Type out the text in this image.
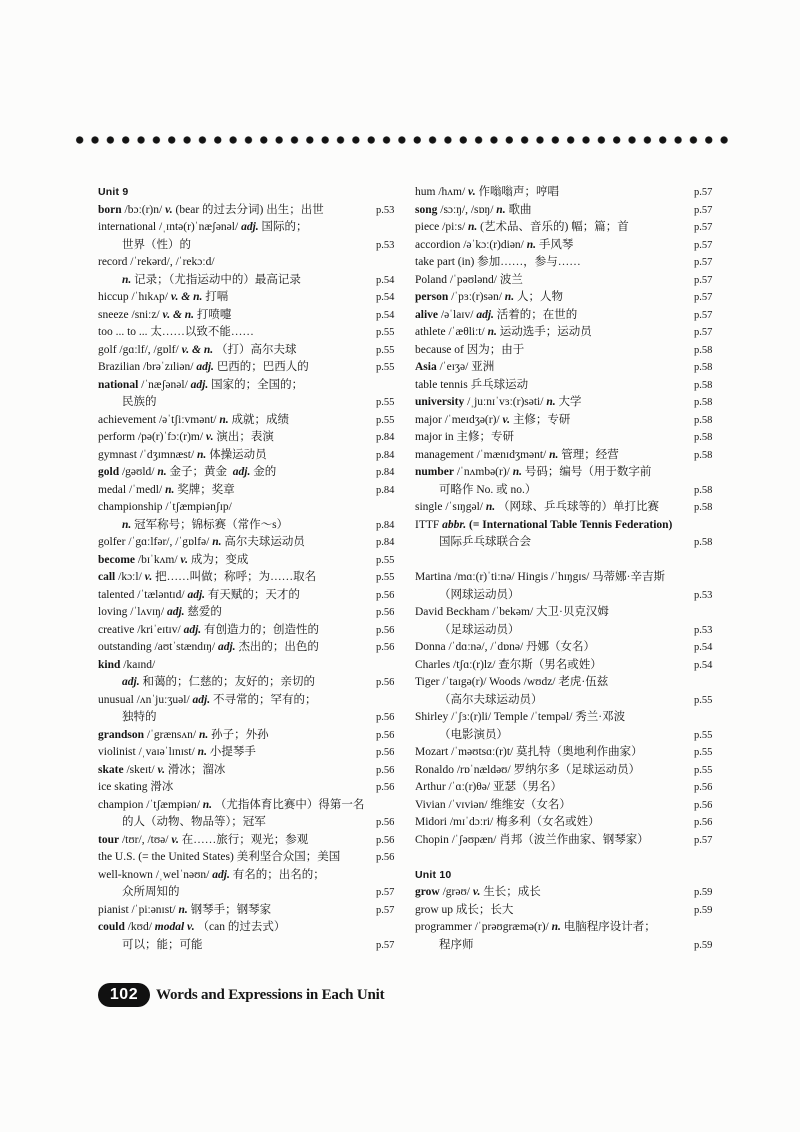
Unit 9
born /bɔː(r)n/ v. (bear 的过去分词) 出生；出世	p.53
international /ˌɪntə(r)ˈnæʃənəl/ adj. 国际的；
世界（性）的	p.53
record /ˈrekərd/, /ˈrekɔːd/
n. 记录；（尤指运动中的）最高记录	p.54
hiccup /ˈhɪkʌp/ v. & n. 打嗝	p.54
sneeze /sniːz/ v. & n. 打喷嚏	p.54
too ... to ... 太……以致不能……	p.55
golf /gɑːlf/, /gɒlf/ v. & n. （打）高尔夫球	p.55
Brazilian /brəˈzɪliən/ adj. 巴西的；巴西人的	p.55
national /ˈnæʃənəl/ adj. 国家的；全国的；
民族的	p.55
achievement /əˈtʃiːvmənt/ n. 成就；成绩	p.55
perform /pə(r)ˈfɔː(r)m/ v. 演出；表演	p.84
gymnast /ˈdʒɪmnæst/ n. 体操运动员	p.84
gold /gəʊld/ n. 金子；黄金  adj. 金的	p.84
medal /ˈmedl/ n. 奖牌；奖章	p.84
championship /ˈtʃæmpiənʃɪp/
n. 冠军称号；锦标赛（常作～s）	p.84
golfer /ˈgɑːlfər/, /ˈgɒlfə/ n. 高尔夫球运动员	p.84
become /bɪˈkʌm/ v. 成为；变成	p.55
call /kɔːl/ v. 把……叫做；称呼；为……取名	p.55
talented /ˈtæləntɪd/ adj. 有天赋的；天才的	p.56
loving /ˈlʌvɪŋ/ adj. 慈爱的	p.56
creative /kriˈeɪtɪv/ adj. 有创造力的；创造性的	p.56
outstanding /aʊtˈstændɪŋ/ adj. 杰出的；出色的	p.56
kind /kaɪnd/
adj. 和蔼的；仁慈的；友好的；亲切的	p.56
unusual /ʌnˈjuːʒuəl/ adj. 不寻常的；罕有的；
独特的	p.56
grandson /ˈgrænsʌn/ n. 孙子；外孙	p.56
violinist /ˌvaɪəˈlɪnɪst/ n. 小提琴手	p.56
skate /skeɪt/ v. 滑冰；溜冰	p.56
ice skating 滑冰	p.56
champion /ˈtʃæmpiən/ n. （尤指体育比赛中）得第一名
的人（动物、物品等）；冠军	p.56
tour /tʊr/, /tʊə/ v. 在……旅行；观光；参观	p.56
the U.S. (= the United States) 美利坚合众国；美国	p.56
well-known /ˌwelˈnəʊn/ adj. 有名的；出名的；
众所周知的	p.57
pianist /ˈpiːənɪst/ n. 钢琴手；钢琴家	p.57
could /kʊd/ modal v. （can 的过去式）
可以；能；可能	p.57
hum /hʌm/ v. 作嗡嗡声；哼唱	p.57
song /sɔːŋ/, /sɒŋ/ n. 歌曲	p.57
piece /piːs/ n. (艺术品、音乐的) 幅；篇；首	p.57
accordion /əˈkɔː(r)diən/ n. 手风琴	p.57
take part (in) 参加……，参与……	p.57
Poland /ˈpəʊlənd/ 波兰	p.57
person /ˈpɜː(r)sən/ n. 人；人物	p.57
alive /əˈlaɪv/ adj. 活着的；在世的	p.57
athlete /ˈæθliːt/ n. 运动选手；运动员	p.57
because of 因为；由于	p.58
Asia /ˈeɪʒə/ 亚洲	p.58
table tennis 乒乓球运动	p.58
university /ˌjuːnɪˈvɜː(r)səti/ n. 大学	p.58
major /ˈmeɪdʒə(r)/ v. 主修；专研	p.58
major in 主修；专研	p.58
management /ˈmænɪdʒmənt/ n. 管理；经营	p.58
number /ˈnʌmbə(r)/ n. 号码；编号（用于数字前
可略作 No. 或 no.）	p.58
single /ˈsɪŋgəl/ n. （网球、乒乓球等的）单打比赛	p.58
ITTF abbr. (= International Table Tennis Federation)
国际乒乓球联合会	p.58
Martina /mɑː(r)ˈtiːnə/ Hingis /ˈhɪŋgɪs/ 马蒂娜·辛吉斯
（网球运动员）	p.53
David Beckham /ˈbekəm/ 大卫·贝克汉姆
（足球运动员）	p.53
Donna /ˈdɑːnə/, /ˈdɒnə/ 丹娜（女名）	p.54
Charles /tʃɑː(r)lz/ 查尔斯（男名或姓）	p.54
Tiger /ˈtaɪgə(r)/ Woods /wʊdz/ 老虎·伍兹
（高尔夫球运动员）	p.55
Shirley /ˈʃɜː(r)li/ Temple /ˈtempəl/ 秀兰·邓波
（电影演员）	p.55
Mozart /ˈməʊtsɑː(r)t/ 莫扎特（奥地利作曲家）	p.55
Ronaldo /rɒˈnældəʊ/ 罗纳尔多（足球运动员）	p.55
Arthur /ˈɑː(r)θə/ 亚瑟（男名）	p.56
Vivian /ˈvɪviən/ 维维安（女名）	p.56
Midori /mɪˈdɔːri/ 梅多利（女名或姓）	p.56
Chopin /ˈʃəʊpæn/ 肖邦（波兰作曲家、钢琴家）	p.57
Unit 10
grow /grəʊ/ v. 生长；成长	p.59
grow up 成长；长大	p.59
programmer /ˈprəʊgræmə(r)/ n. 电脑程序设计者；
程序师	p.59
102	Words and Expressions in Each Unit
